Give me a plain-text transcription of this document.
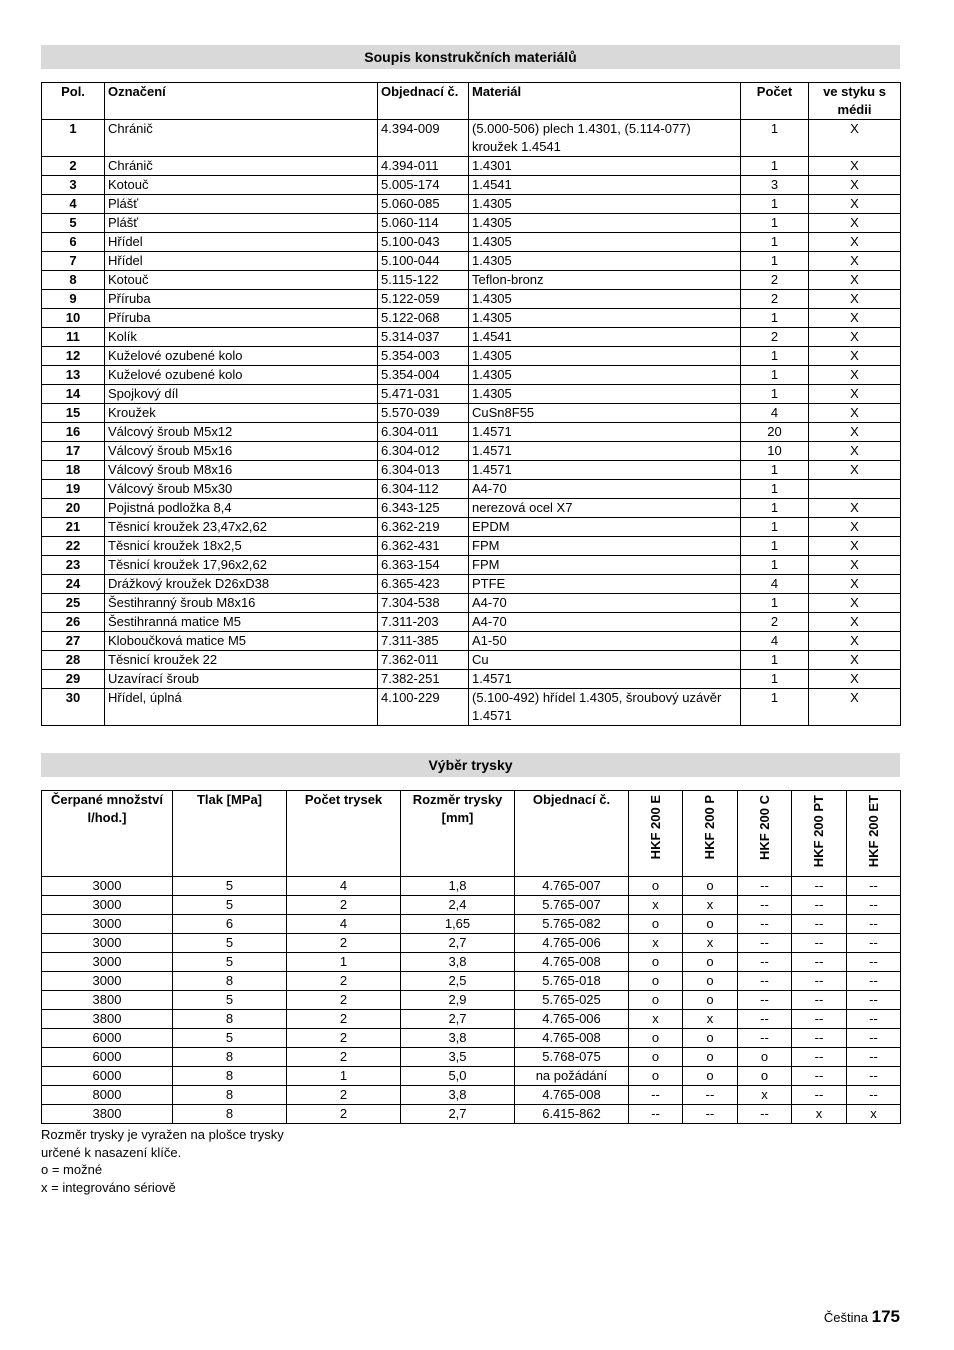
Soupis konstrukčních materiálů
Pol.	Označení	Objednací č.	Materiál	Počet	ve styku s médii
1	Chránič	4.394-009	(5.000-506) plech 1.4301, (5.114-077) kroužek 1.4541	1	X
2	Chránič	4.394-011	1.4301	1	X
3	Kotouč	5.005-174	1.4541	3	X
4	Plášť	5.060-085	1.4305	1	X
5	Plášť	5.060-114	1.4305	1	X
6	Hřídel	5.100-043	1.4305	1	X
7	Hřídel	5.100-044	1.4305	1	X
8	Kotouč	5.115-122	Teflon-bronz	2	X
9	Příruba	5.122-059	1.4305	2	X
10	Příruba	5.122-068	1.4305	1	X
11	Kolík	5.314-037	1.4541	2	X
12	Kuželové ozubené kolo	5.354-003	1.4305	1	X
13	Kuželové ozubené kolo	5.354-004	1.4305	1	X
14	Spojkový díl	5.471-031	1.4305	1	X
15	Kroužek	5.570-039	CuSn8F55	4	X
16	Válcový šroub M5x12	6.304-011	1.4571	20	X
17	Válcový šroub M5x16	6.304-012	1.4571	10	X
18	Válcový šroub M8x16	6.304-013	1.4571	1	X
19	Válcový šroub M5x30	6.304-112	A4-70	1	
20	Pojistná podložka 8,4	6.343-125	nerezová ocel X7	1	X
21	Těsnicí kroužek 23,47x2,62	6.362-219	EPDM	1	X
22	Těsnicí kroužek 18x2,5	6.362-431	FPM	1	X
23	Těsnicí kroužek 17,96x2,62	6.363-154	FPM	1	X
24	Drážkový kroužek D26xD38	6.365-423	PTFE	4	X
25	Šestihranný šroub M8x16	7.304-538	A4-70	1	X
26	Šestihranná matice M5	7.311-203	A4-70	2	X
27	Kloboučková matice M5	7.311-385	A1-50	4	X
28	Těsnicí kroužek 22	7.362-011	Cu	1	X
29	Uzavírací šroub	7.382-251	1.4571	1	X
30	Hřídel, úplná	4.100-229	(5.100-492) hřídel 1.4305, šroubový uzávěr 1.4571	1	X
Výběr trysky
Čerpané množství l/hod.]	Tlak [MPa]	Počet trysek	Rozměr trysky [mm]	Objednací č.	HKF 200 E	HKF 200 P	HKF 200 C	HKF 200 PT	HKF 200 ET
3000	5	4	1,8	4.765-007	o	o	--	--	--
3000	5	2	2,4	5.765-007	x	x	--	--	--
3000	6	4	1,65	5.765-082	o	o	--	--	--
3000	5	2	2,7	4.765-006	x	x	--	--	--
3000	5	1	3,8	4.765-008	o	o	--	--	--
3000	8	2	2,5	5.765-018	o	o	--	--	--
3800	5	2	2,9	5.765-025	o	o	--	--	--
3800	8	2	2,7	4.765-006	x	x	--	--	--
6000	5	2	3,8	4.765-008	o	o	--	--	--
6000	8	2	3,5	5.768-075	o	o	o	--	--
6000	8	1	5,0	na požádání	o	o	o	--	--
8000	8	2	3,8	4.765-008	--	--	x	--	--
3800	8	2	2,7	6.415-862	--	--	--	x	x
Rozměr trysky je vyražen na plošce trysky
určené k nasazení klíče.
o = možné
x = integrováno sériově
Čeština 175
